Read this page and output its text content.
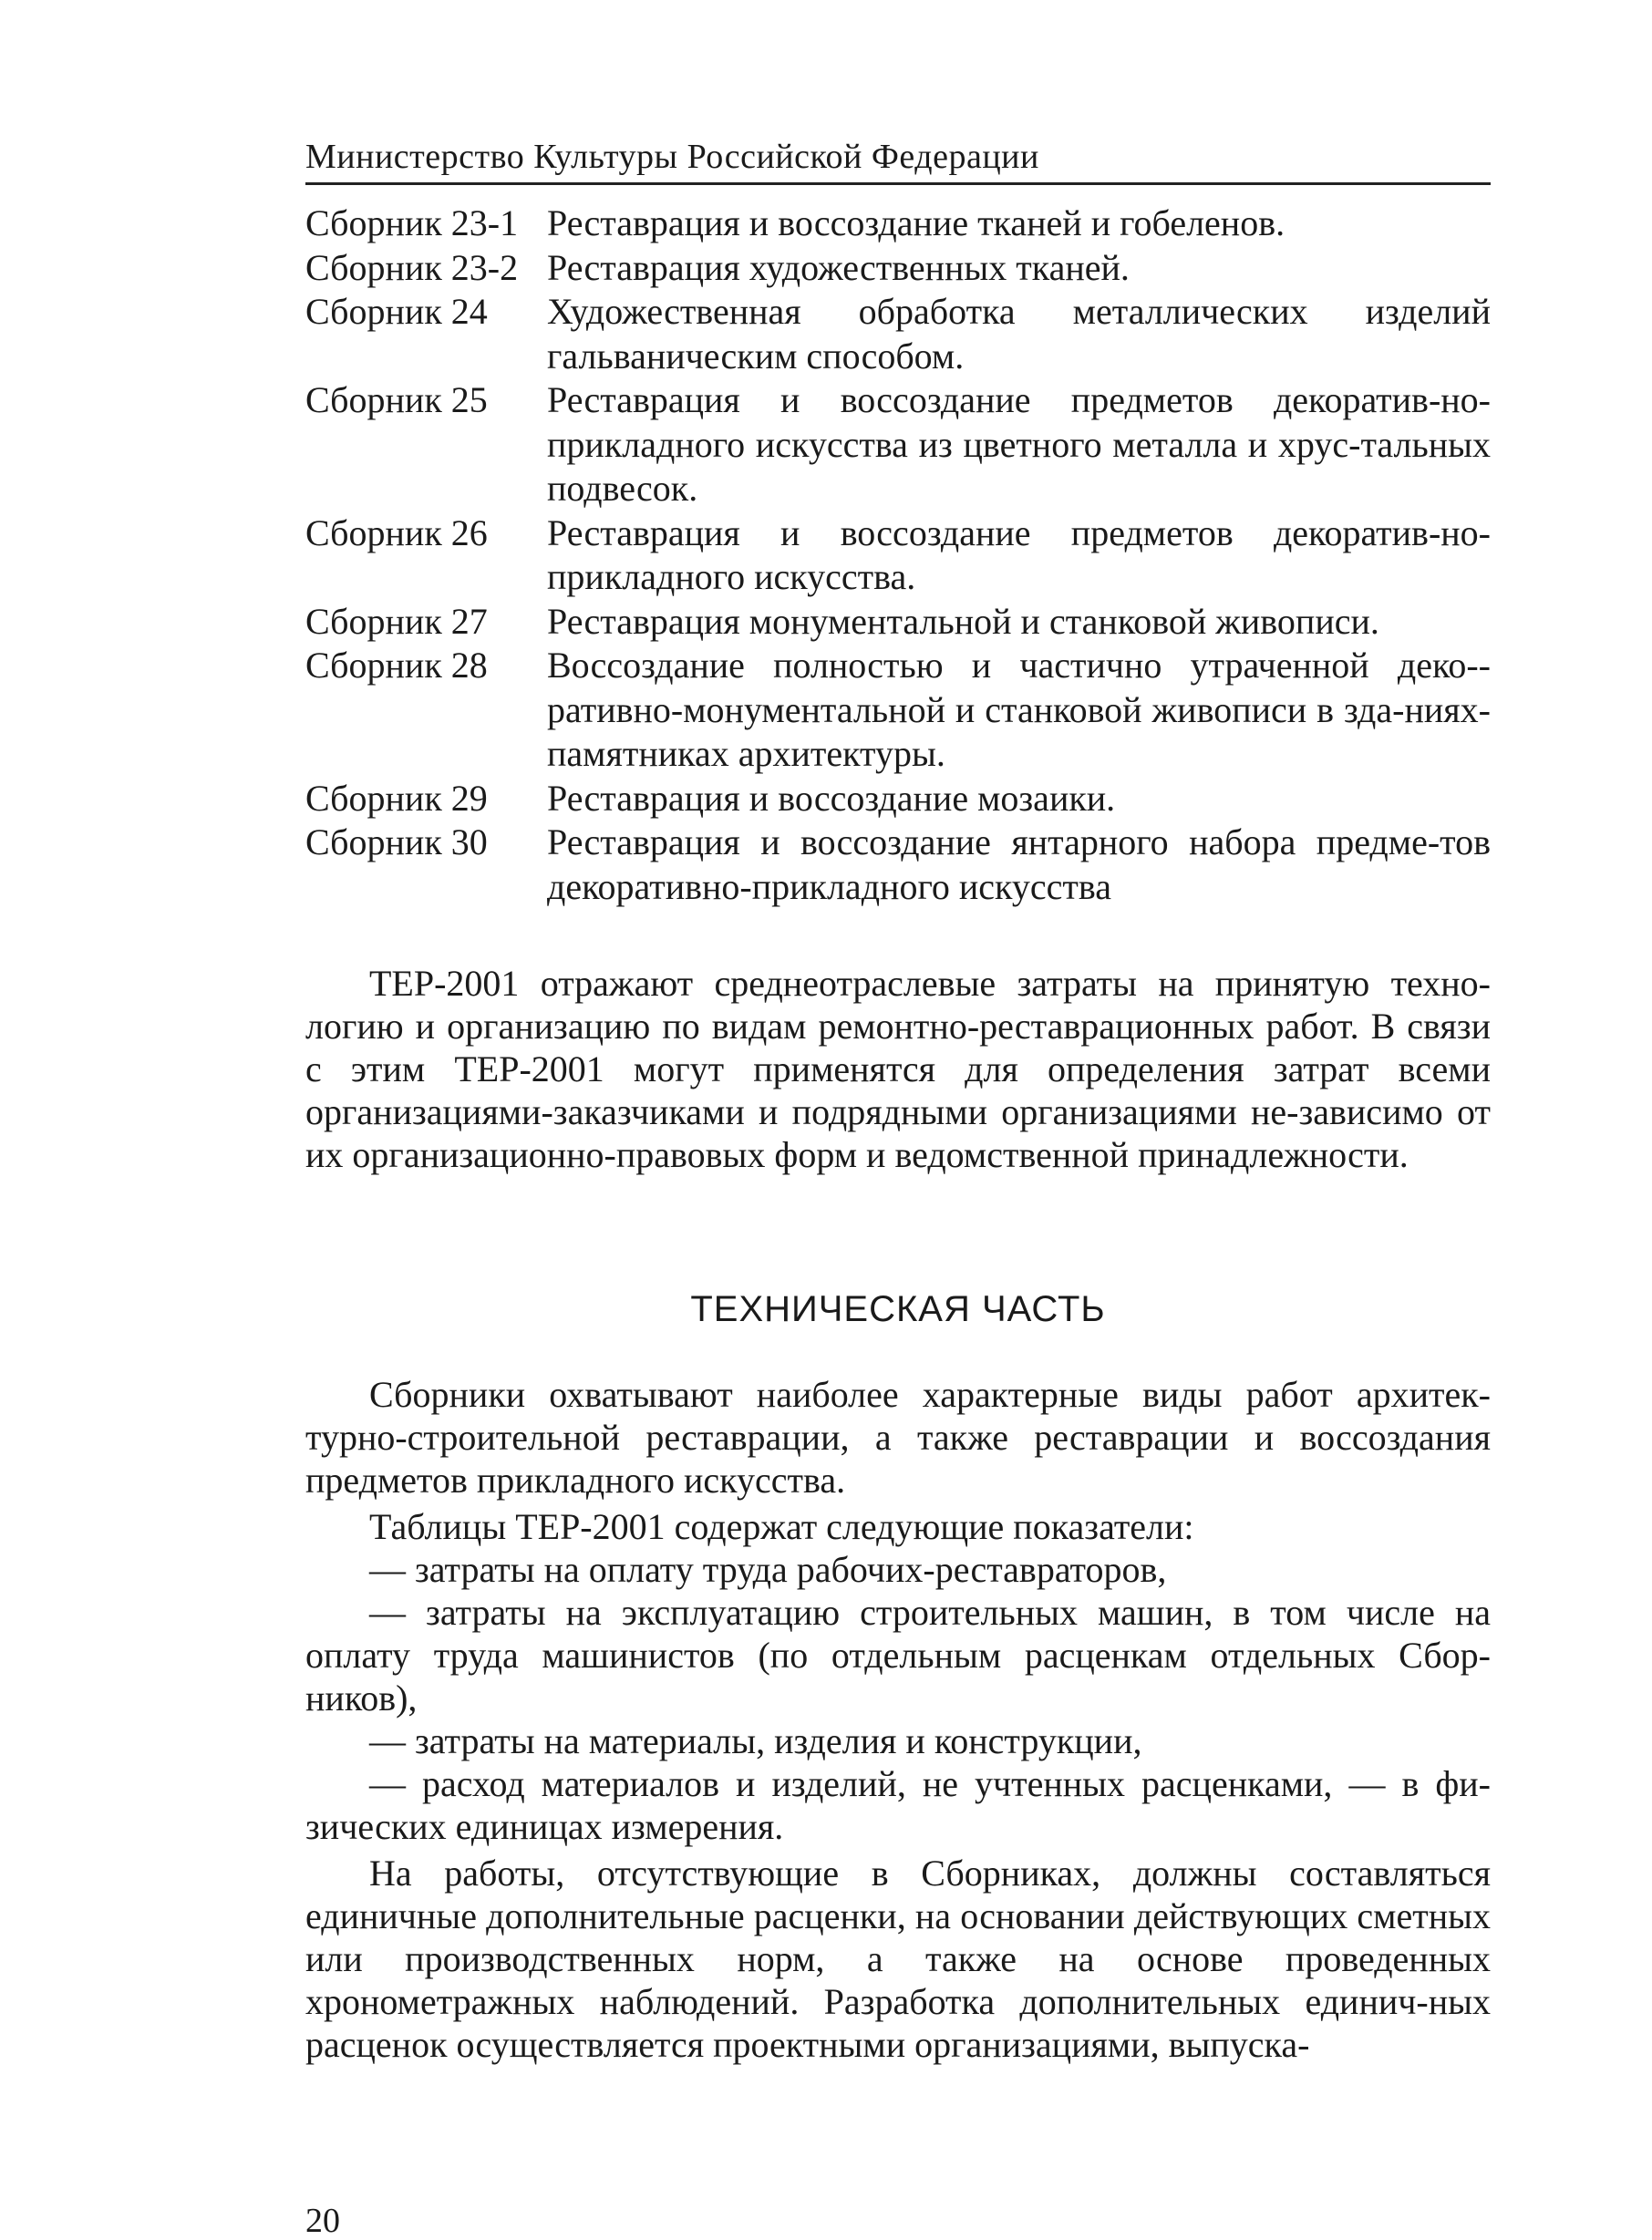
Министерство Культуры Российской Федерации
Сборник 23-1 Реставрация и воссоздание тканей и гобеленов.
Сборник 23-2 Реставрация художественных тканей.
Сборник 24	Художественная обработка металлических изделий гальваническим способом.
Сборник 25	Реставрация и воссоздание предметов декоратив-но-прикладного искусства из цветного металла и хрус-тальных подвесок.
Сборник 26	Реставрация и воссоздание предметов декоратив-но-прикладного искусства.
Сборник 27	Реставрация монументальной и станковой живописи.
Сборник 28	Воссоздание полностью и частично утраченной деко-ративно-монументальной и станковой живописи в зда-ниях-памятниках архитектуры.
Сборник 29	Реставрация и воссоздание мозаики.
Сборник 30	Реставрация и воссоздание янтарного набора предме-тов декоративно-прикладного искусства

ТЕР-2001 отражают среднеотраслевые затраты на принятую техно-логию и организацию по видам ремонтно-реставрационных работ. В связи с этим ТЕР-2001 могут применятся для определения затрат всеми организациями-заказчиками и подрядными организациями не-зависимо от их организационно-правовых форм и ведомственной принадлежности.

ТЕХНИЧЕСКАЯ ЧАСТЬ

Сборники охватывают наиболее характерные виды работ архитек-турно-строительной реставрации, а также реставрации и воссоздания предметов прикладного искусства.

Таблицы ТЕР-2001 содержат следующие показатели:

— затраты на оплату труда рабочих-реставраторов,

— затраты на эксплуатацию строительных машин, в том числе на оплату труда машинистов (по отдельным расценкам отдельных Сбор-ников),

— затраты на материалы, изделия и конструкции,

— расход материалов и изделий, не учтенных расценками, — в фи-зических единицах измерения.

На работы, отсутствующие в Сборниках, должны составляться единичные дополнительные расценки, на основании действующих сметных или производственных норм, а также на основе проведенных хронометражных наблюдений. Разработка дополнительных единич-ных расценок осуществляется проектными организациями, выпуска-

20
